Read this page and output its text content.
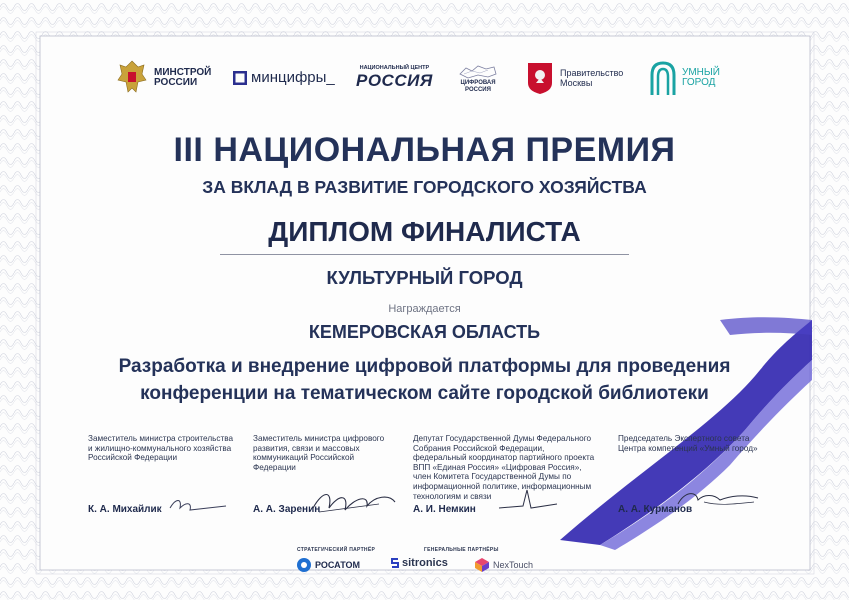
МИНСТРОЙ РОССИИ	минцифры_
НАЦИОНАЛЬНЫЙ ЦЕНТР
РОССИЯ	ЦИФРОВАЯ РОССИЯ
Правительство Москвы
УМНЫЙ ГОРОД
III НАЦИОНАЛЬНАЯ ПРЕМИЯ
ЗА ВКЛАД В РАЗВИТИЕ ГОРОДСКОГО ХОЗЯЙСТВА
ДИПЛОМ ФИНАЛИСТА
КУЛЬТУРНЫЙ ГОРОД
Награждается
КЕМЕРОВСКАЯ ОБЛАСТЬ
Разработка и внедрение цифровой платформы для проведения
конференции на тематическом сайте городской библиотеки
Заместитель министра строительства и жилищно-коммунального хозяйства Российской Федерации
К. А. Михайлик
Заместитель министра цифрового развития, связи и массовых коммуникаций Российской Федерации
А. А. Заренин
Депутат Государственной Думы Федерального Собрания Российской Федерации, федеральный координатор партийного проекта ВПП «Единая Россия» «Цифровая Россия», член Комитета Государственной Думы по информационной политике, информационным технологиям и связи
А. И. Немкин
Председатель Экспертного совета Центра компетенций «Умный город»
А. А. Курманов
СТРАТЕГИЧЕСКИЙ ПАРТНЁР	ГЕНЕРАЛЬНЫЕ ПАРТНЁРЫ
РОСАТОМ	sitronics	NexTouch
